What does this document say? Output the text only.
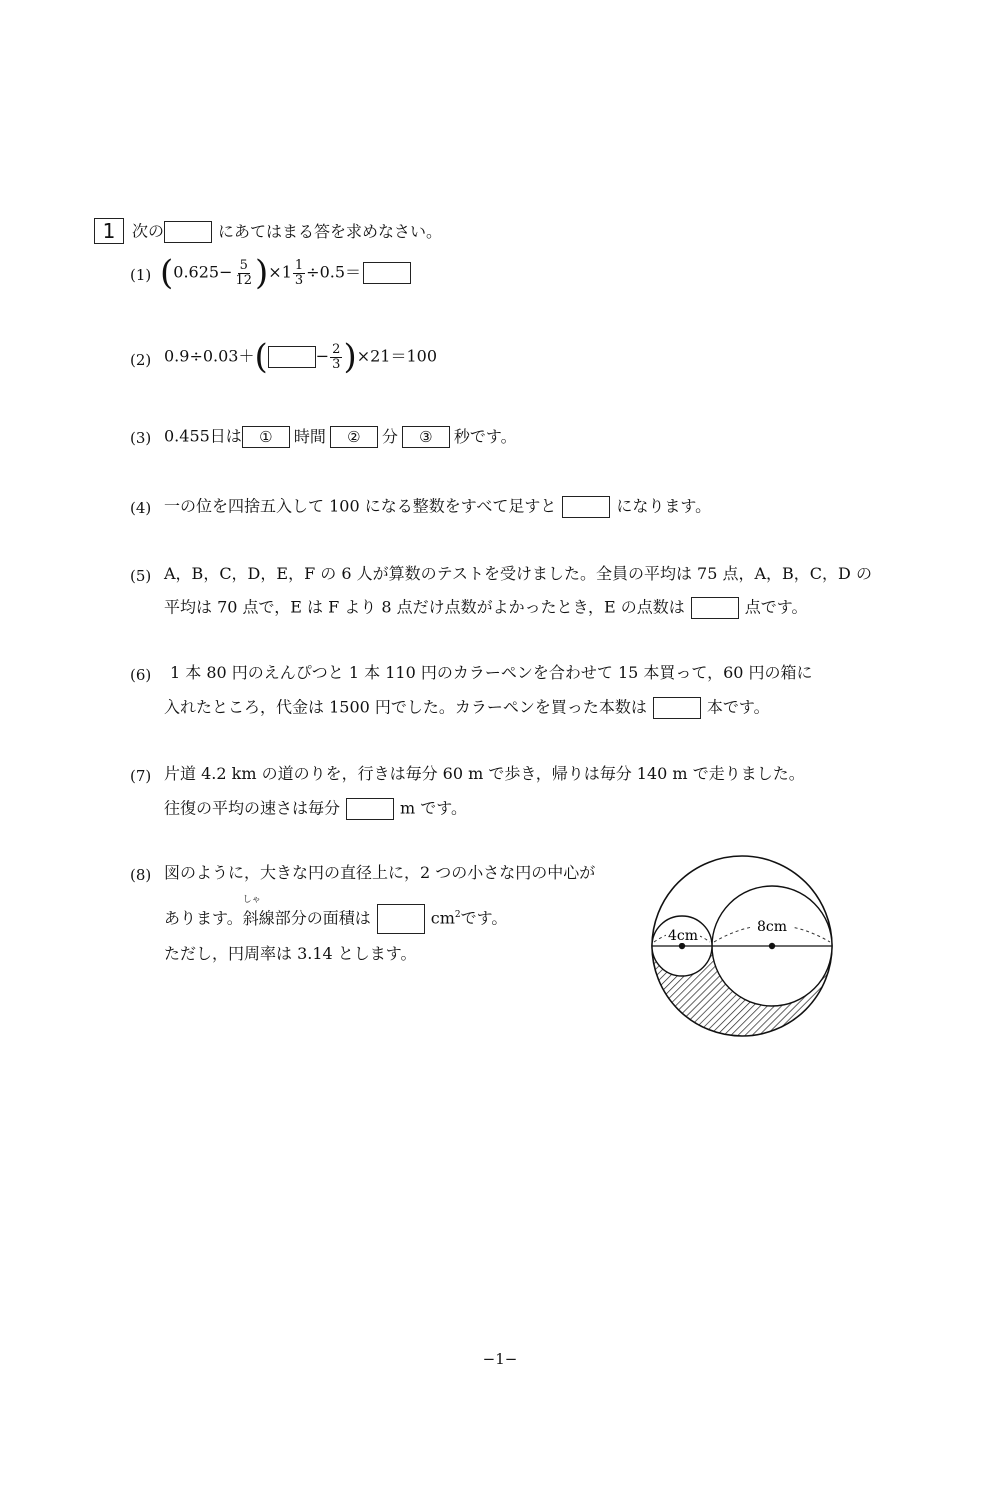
1	次の	にあてはまる答を求めなさい。
(1) $(0.625- \frac{5}{12} )\times 1 \frac{1}{3} \div 0.5=$
(2) 0.9÷0.03＋(	− $\frac{2}{3} )\times 21=100$
(3) 0.455日は ① 時間 ② 分 ③ 秒です。
(4) 一の位を四捨五入して 100 になる整数をすべて足すと	になります。
(5) A，B，C，D，E，F の 6 人が算数のテストを受けました。全員の平均は 75 点，A，B，C，D の
平均は 70 点で，E は F より 8 点だけ点数がよかったとき，E の点数は	点です。
(6) 1 本 80 円のえんぴつと 1 本 110 円のカラーペンを合わせて 15 本買って，60 円の箱に
入れたところ，代金は 1500 円でした。カラーペンを買った本数は	本です。
(7) 片道 4.2 km の道のりを，行きは毎分 60 m で歩き，帰りは毎分 140 m で走りました。
往復の平均の速さは毎分	m です。
(8) 図のように，大きな円の直径上に，2 つの小さな円の中心が
あります。
しゃ
斜線部分の面積は	$cm^2$です。
ただし，円周率は 3.14 とします。
4cm
8cm
−1−
